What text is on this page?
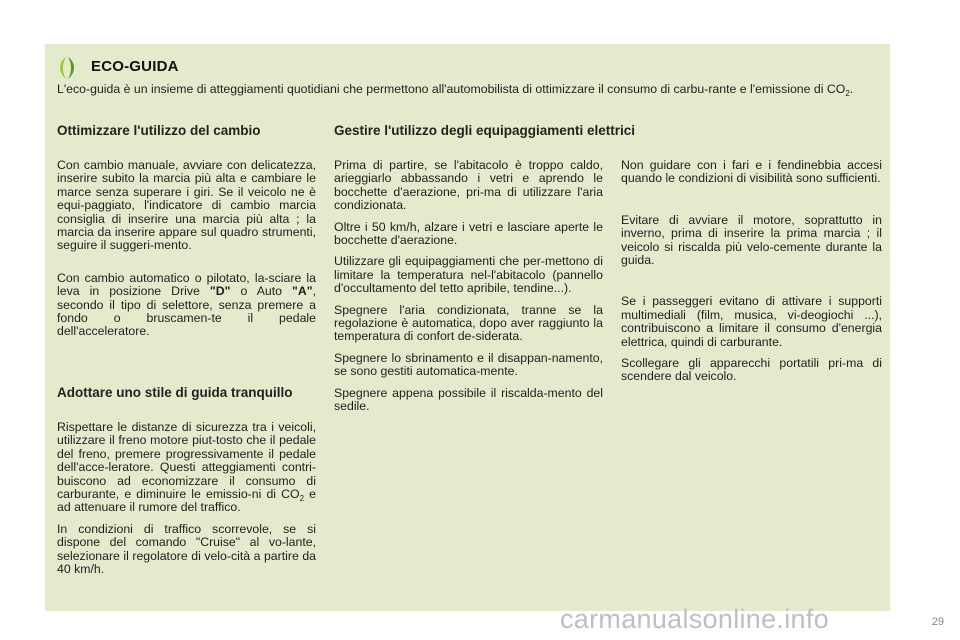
ECO-GUIDA
L'eco-guida è un insieme di atteggiamenti quotidiani che permettono all'automobilista di ottimizzare il consumo di carbu-rante e l'emissione di $CO_2$.
Ottimizzare l'utilizzo del cambio

Con cambio manuale, avviare con delicatezza, inserire subito la marcia più alta e cambiare le marce senza superare i giri. Se il veicolo ne è equi-paggiato, l'indicatore di cambio marcia consiglia di inserire una marcia più alta ; la marcia da inserire appare sul quadro strumenti, seguire il suggeri-mento.

Con cambio automatico o pilotato, la-sciare la leva in posizione Drive "D" o Auto "A", secondo il tipo di selettore, senza premere a fondo o bruscamen-te il pedale dell'acceleratore.

Adottare uno stile di guida tranquillo

Rispettare le distanze di sicurezza tra i veicoli, utilizzare il freno motore piut-tosto che il pedale del freno, premere progressivamente il pedale dell'acce-leratore. Questi atteggiamenti contri-buiscono ad economizzare il consumo di carburante, e diminuire le emissio-ni di $CO_2$ e ad attenuare il rumore del traffico.

In condizioni di traffico scorrevole, se si dispone del comando "Cruise" al vo-lante, selezionare il regolatore di velo-cità a partire da 40 km/h.

Gestire l'utilizzo degli equipaggiamenti elettrici

Prima di partire, se l'abitacolo è troppo caldo, arieggiarlo abbassando i vetri e aprendo le bocchette d'aerazione, pri-ma di utilizzare l'aria condizionata.

Oltre i 50 km/h, alzare i vetri e lasciare aperte le bocchette d'aerazione.

Utilizzare gli equipaggiamenti che per-mettono di limitare la temperatura nel-l'abitacolo (pannello d'occultamento del tetto apribile, tendine...).

Spegnere l'aria condizionata, tranne se la regolazione è automatica, dopo aver raggiunto la temperatura di confort de-siderata.

Spegnere lo sbrinamento e il disappan-namento, se sono gestiti automatica-mente.

Spegnere appena possibile il riscalda-mento del sedile.

Non guidare con i fari e i fendinebbia accesi quando le condizioni di visibilità sono sufficienti.

Evitare di avviare il motore, soprattutto in inverno, prima di inserire la prima marcia ; il veicolo si riscalda più velo-cemente durante la guida.

Se i passeggeri evitano di attivare i supporti multimediali (film, musica, vi-deogiochi ...), contribuiscono a limitare il consumo d'energia elettrica, quindi di carburante.

Scollegare gli apparecchi portatili pri-ma di scendere dal veicolo.

carmanualsonline.info	29
